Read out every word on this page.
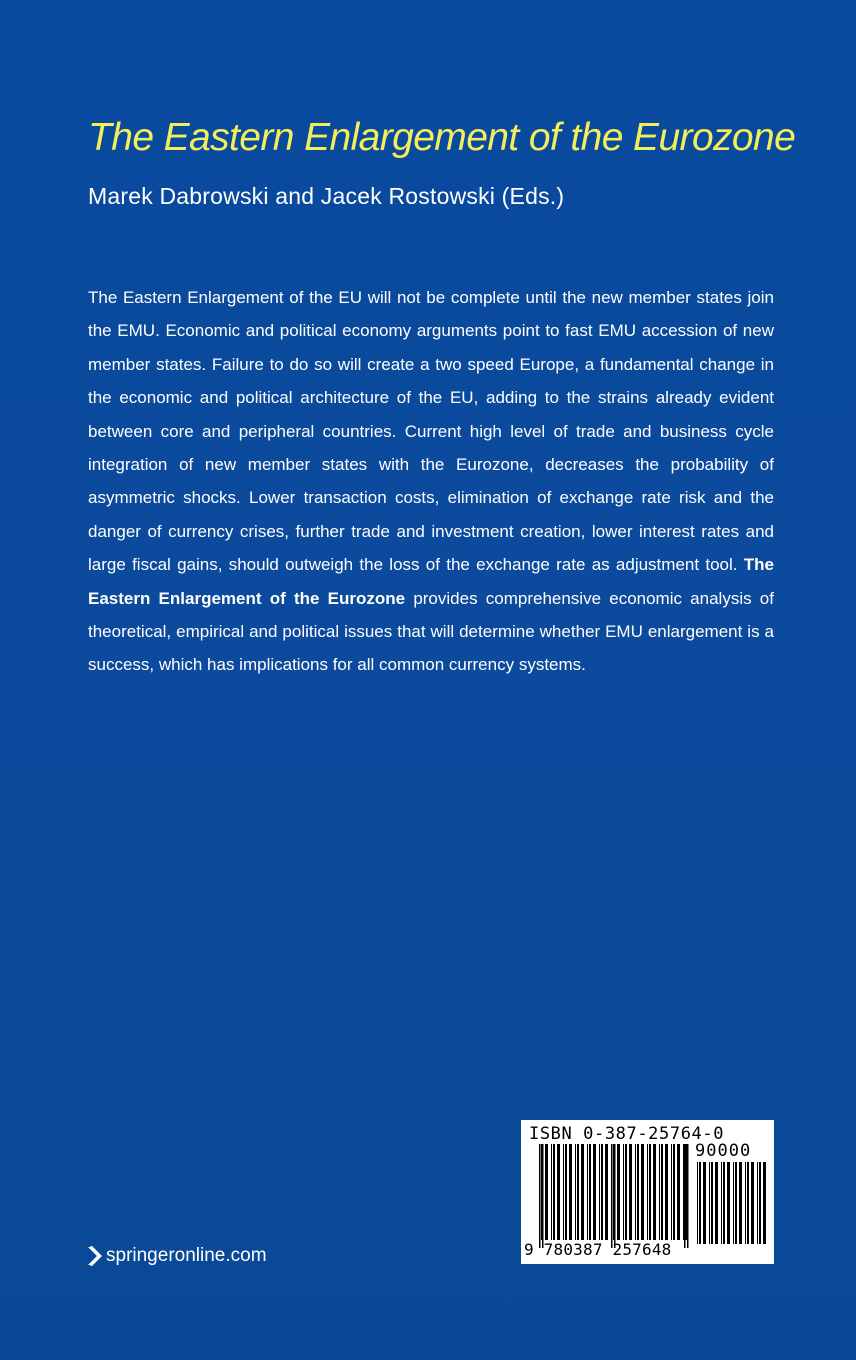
The Eastern Enlargement of the Eurozone
Marek Dabrowski and Jacek Rostowski (Eds.)

The Eastern Enlargement of the EU will not be complete until the new member states join the EMU. Economic and political economy arguments point to fast EMU accession of new member states. Failure to do so will create a two speed Europe, a fundamental change in the economic and political architecture of the EU, adding to the strains already evident between core and peripheral countries. Current high level of trade and business cycle integration of new member states with the Eurozone, decreases the probability of asymmetric shocks. Lower transaction costs, elimination of exchange rate risk and the danger of currency crises, further trade and investment creation, lower interest rates and large fiscal gains, should outweigh the loss of the exchange rate as adjustment tool. The Eastern Enlargement of the Eurozone provides comprehensive economic analysis of theoretical, empirical and political issues that will determine whether EMU enlargement is a success, which has implications for all common currency systems.

springeronline.com
ISBN 0-387-25764-0
90000
9 780387 257648
